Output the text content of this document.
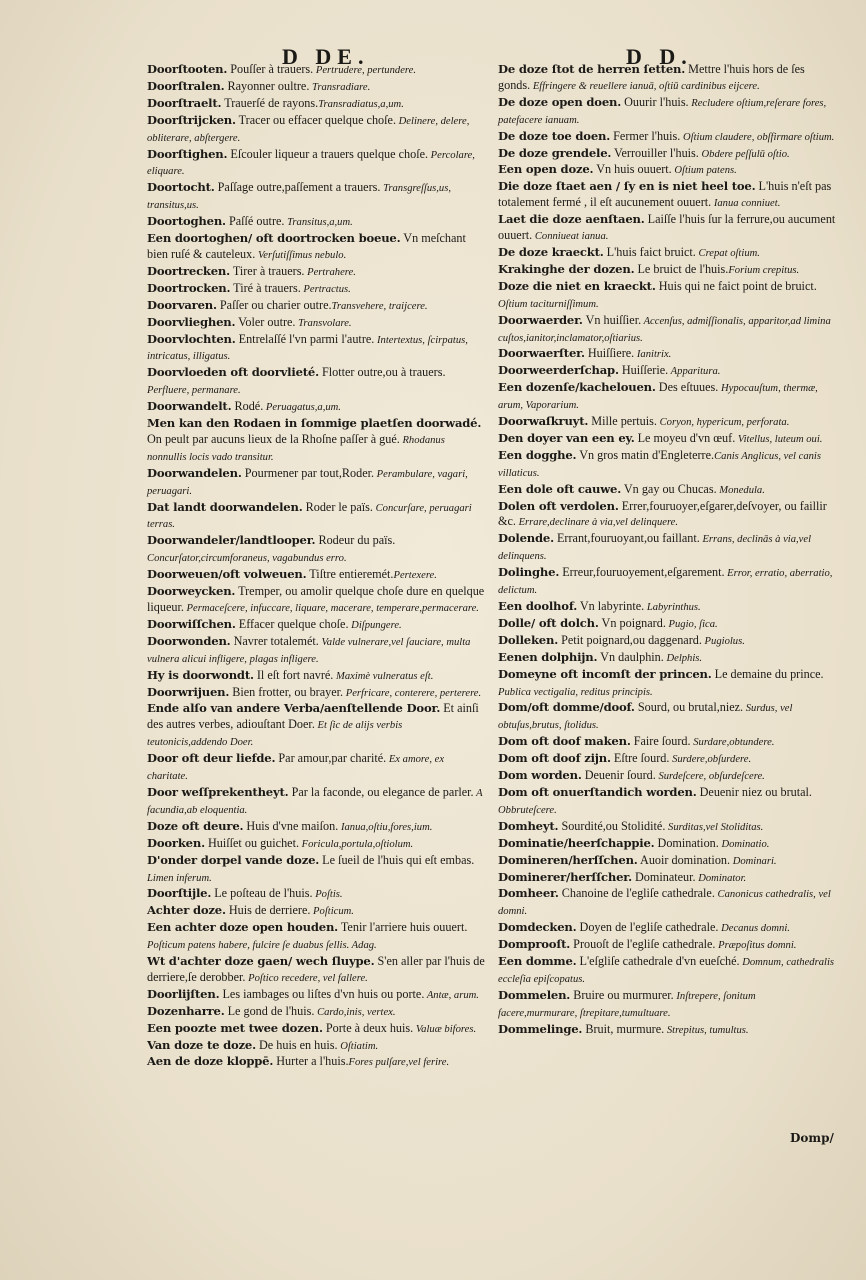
D DE.	D D.

Doorſtooten. Pouſſer à trauers. Pertrudere, pertundere.

Doorſtralen. Rayonner oultre. Transradiare.

Doorſtraelt. Trauerſé de rayons.Transradiatus,a,um.

Doorſtrijcken. Tracer ou effacer quelque choſe. Delinere, delere, obliterare, abſtergere.

Doorſtighen. Eſcouler liqueur a trauers quelque choſe. Percolare, eliquare.

Doortocht. Paſſage outre,paſſement a trauers. Transgreſſus,us, transitus,us.

Doortoghen. Paſſé outre. Transitus,a,um.

Een doortoghen/ oft doortrocken boeue. Vn meſchant bien ruſé & cauteleux. Verſutiſſimus nebulo.

Doortrecken. Tirer à trauers. Pertrahere.

Doortrocken. Tiré à trauers. Pertractus.

Doorvaren. Paſſer ou charier outre.Transvehere, traijcere.

Doorvlieghen. Voler outre. Transvolare.

Doorvlochten. Entrelaſſé l'vn parmi l'autre. Intertextus, ſcirpatus, intricatus, illigatus.

Doorvloeden oft doorvlieté. Flotter outre,ou à trauers. Perfluere, permanare.

Doorwandelt. Rodé. Peruagatus,a,um.

Men kan den Rodaen in ſommige plaetſen doorwadé. On peult par aucuns lieux de la Rhoſne paſſer à gué. Rhodanus nonnullis locis vado transitur.

Doorwandelen. Pourmener par tout,Roder. Perambulare, vagari, peruagari.

Dat landt doorwandelen. Roder le païs. Concurſare, peruagari terras.

Doorwandeler/landtlooper. Rodeur du païs. Concurſator,circumforaneus, vagabundus erro.

Doorweuen/oft volweuen. Tiſtre entieremét.Pertexere.

Doorweycken. Tremper, ou amolir quelque choſe dure en quelque liqueur. Permaceſcere, infuccare, liquare, macerare, temperare,permacerare.

Doorwiſſchen. Effacer quelque choſe. Diſpungere.

Doorwonden. Navrer totalemét. Valde vulnerare,vel ſauciare, multa vulnera alicui infligere, plagas infligere.

Hy is doorwondt. Il eſt fort navré. Maximè vulneratus eſt.

Doorwrijuen. Bien frotter, ou brayer. Perfricare, conterere, perterere.

Ende alſo van andere Verba/aenſtellende Door. Et ainſi des autres verbes, adiouſtant Doer. Et ſic de alijs verbis teutonicis,addendo Doer.

Door oft deur liefde. Par amour,par charité. Ex amore, ex charitate.

Door weſſprekentheyt. Par la faconde, ou elegance de parler. A facundia,ab eloquentia.

Doze oft deure. Huis d'vne maiſon. Ianua,oſtiu,fores,ium.

Doorken. Huiſſet ou guichet. Foricula,portula,oſtiolum.

D'onder dorpel vande doze. Le ſueil de l'huis qui eſt embas. Limen inferum.

Doorſtijle. Le poſteau de l'huis. Poſtis.

Achter doze. Huis de derriere. Poſticum.

Een achter doze open houden. Tenir l'arriere huis ouuert. Poſticum patens habere, fulcire ſe duabus ſellis. Adag.

Wt d'achter doze gaen/ wech ſluype. S'en aller par l'huis de derriere,ſe derobber. Poſtico recedere, vel fallere.

Doorlijſten. Les iambages ou liſtes d'vn huis ou porte. Antæ, arum.

Dozenharre. Le gond de l'huis. Cardo,inis, vertex.

Een poozte met twee dozen. Porte à deux huis. Valuæ bifores.

Van doze te doze. De huis en huis. Oſtiatim.

Aen de doze kloppē. Hurter a l'huis.Fores pulſare,vel ferire.

De doze ſtot de herren ſetten. Mettre l'huis hors de ſes gonds. Effringere & reuellere ianuā, oſtiū cardinibus eijcere.

De doze open doen. Ouurir l'huis. Recludere oſtium,reſerare fores, patefacere ianuam.

De doze toe doen. Fermer l'huis. Oſtium claudere, obſfirmare oſtium.

De doze grendele. Verrouiller l'huis. Obdere peſſulū oſtio.

Een open doze. Vn huis ouuert. Oſtium patens.

Die doze ſtaet aen / ſy en is niet heel toe. L'huis n'eſt pas totalement fermé , il eſt aucunement ouuert. Ianua conniuet.

Laet die doze aenſtaen. Laiſſe l'huis ſur la ferrure,ou aucument ouuert. Conniueat ianua.

De doze kraeckt. L'huis faict bruict. Crepat oſtium.

Krakinghe der dozen. Le bruict de l'huis.Forium crepitus.

Doze die niet en kraeckt. Huis qui ne faict point de bruict. Oſtium taciturniſſimum.

Doorwaerder. Vn huiſſier. Accenſus, admiſſionalis, apparitor,ad limina cuſtos,ianitor,inclamator,oſtiarius.

Doorwaerſter. Huiſſiere. Ianitrix.

Doorweerderſchap. Huiſſerie. Apparitura.

Een dozenſe/kachelouen. Des eſtuues. Hypocauſtum, thermæ, arum, Vaporarium.

Doorwaſkruyt. Mille pertuis. Coryon, hypericum, perforata.

Den doyer van een ey. Le moyeu d'vn œuf. Vitellus, luteum oui.

Een dogghe. Vn gros matin d'Engleterre.Canis Anglicus, vel canis villaticus.

Een dole oft cauwe. Vn gay ou Chucas. Monedula.

Dolen oft verdolen. Errer,fouruoyer,eſgarer,deſvoyer, ou faillir &c. Errare,declinare à via,vel delinquere.

Dolende. Errant,fouruoyant,ou faillant. Errans, declinās à via,vel delinquens.

Dolinghe. Erreur,fouruoyement,eſgarement. Error, erratio, aberratio, delictum.

Een doolhof. Vn labyrinte. Labyrinthus.

Dolle/ oft dolch. Vn poignard. Pugio, ſica.

Dolleken. Petit poignard,ou daggenard. Pugiolus.

Eenen dolphijn. Vn daulphin. Delphis.

Domeyne oft incomſt der princen. Le demaine du prince. Publica vectigalia, reditus principis.

Dom/oft domme/doof. Sourd, ou brutal,niez. Surdus, vel obtuſus,brutus, ſtolidus.

Dom oft doof maken. Faire ſourd. Surdare,obtundere.

Dom oft doof zijn. Eſtre ſourd. Surdere,obſurdere.

Dom worden. Deuenir ſourd. Surdeſcere, obſurdeſcere.

Dom oft onuerſtandich worden. Deuenir niez ou brutal. Obbruteſcere.

Domheyt. Sourdité,ou Stolidité. Surditas,vel Stoliditas.

Dominatie/heerſchappie. Domination. Dominatio.

Domineren/herſſchen. Auoir domination. Dominari.

Dominerer/herſſcher. Dominateur. Dominator.

Domheer. Chanoine de l'egliſe cathedrale. Canonicus cathedralis, vel domni.

Domdecken. Doyen de l'egliſe cathedrale. Decanus domni.

Domprooſt. Prouoſt de l'egliſe cathedrale. Præpoſitus domni.

Een domme. L'eſgliſe cathedrale d'vn eueſché. Domnum, cathedralis eccleſia epiſcopatus.

Dommelen. Bruire ou murmurer. Inſtrepere, ſonitum facere,murmurare, ſtrepitare,tumultuare.

Dommelinge. Bruit, murmure. Strepitus, tumultus.

Domp/
